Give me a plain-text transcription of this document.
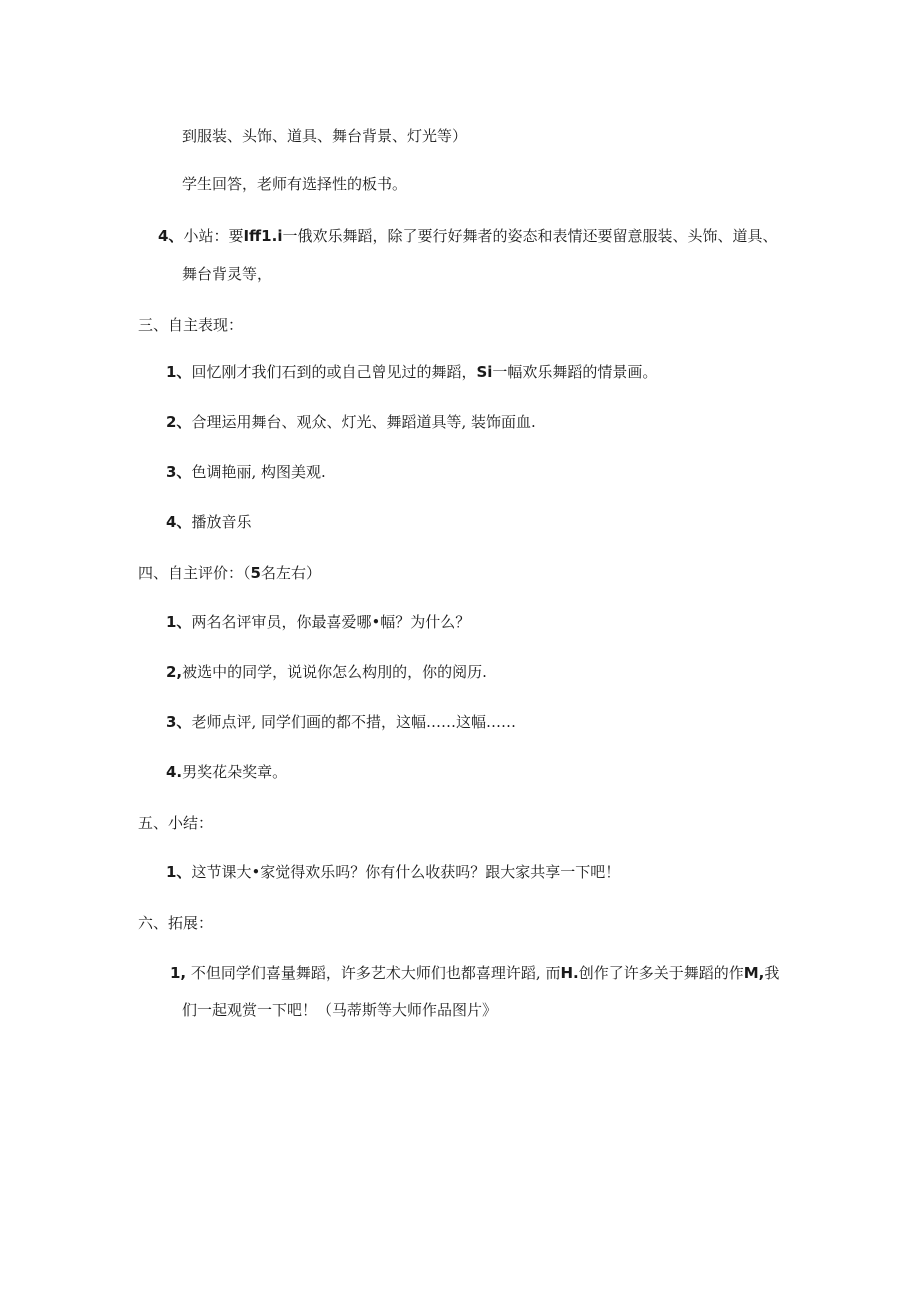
到服装、头饰、道具、舞台背景、灯光等）
学生回答，老师有选择性的板书。
4、小站：要Iff1.i一俄欢乐舞蹈，除了要行好舞者的姿态和表情还要留意服装、头饰、道具、
舞台背灵等，
三、自主表现：
1、回忆刚才我们石到的或自己曾见过的舞蹈，Si一幅欢乐舞蹈的情景画。
2、合理运用舞台、观众、灯光、舞蹈道具等, 装饰面血.
3、色调艳丽, 构图美观.
4、播放音乐
四、自主评价：（5名左右）
1、两名名评审员，你最喜爱哪•幅？为什么？
2,被选中的同学，说说你怎么构刖的，你的阅历.
3、老师点评, 同学们画的都不措，这幅……这幅……
4.男奖花朵奖章。
五、小结：
1、这节课大•家觉得欢乐吗？你有什么收获吗？跟大家共享一下吧！
六、拓展：
1, 不但同学们喜量舞蹈，许多艺术大师们也都喜理许蹈, 而H.创作了许多关于舞蹈的作M,我
们一起观赏一下吧！（马蒂斯等大师作品图片》
